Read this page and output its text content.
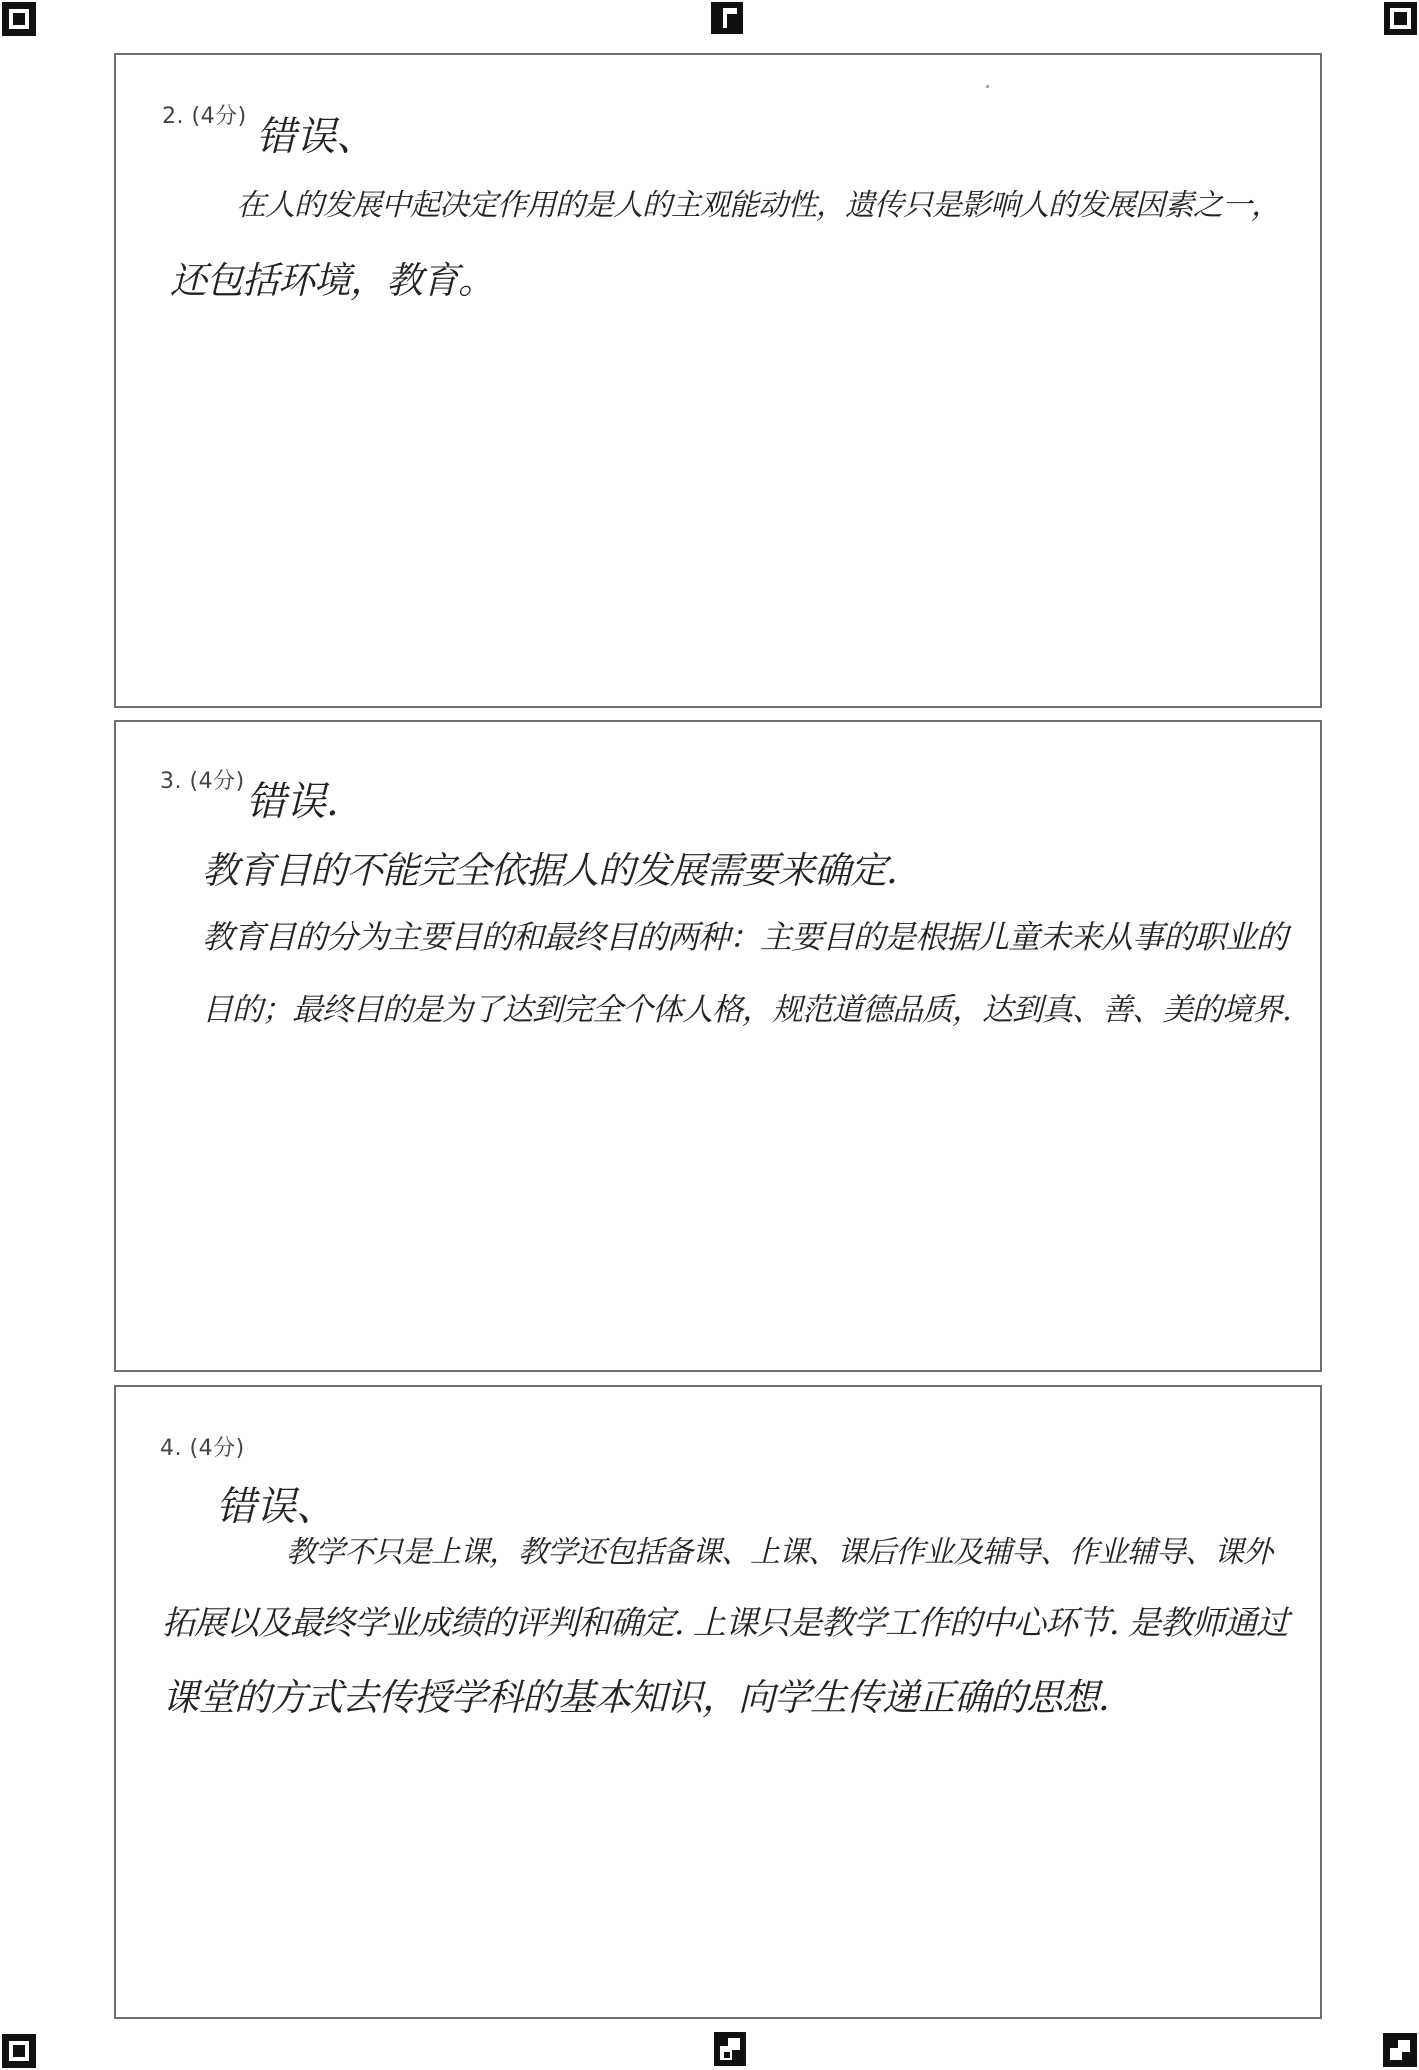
2. (4分) 错误、
在人的发展中起决定作用的是人的主观能动性，遗传只是影响人的发展因素之一，
还包括环境，教育。
3. (4分) 错误.
教育目的不能完全依据人的发展需要来确定.
教育目的分为主要目的和最终目的两种：主要目的是根据儿童未来从事的职业的
目的；最终目的是为了达到完全个体人格，规范道德品质，达到真、善、美的境界.
4. (4分)
错误、
教学不只是上课，教学还包括备课、上课、课后作业及辅导、作业辅导、课外
拓展以及最终学业成绩的评判和确定. 上课只是教学工作的中心环节. 是教师通过
课堂的方式去传授学科的基本知识，向学生传递正确的思想.
